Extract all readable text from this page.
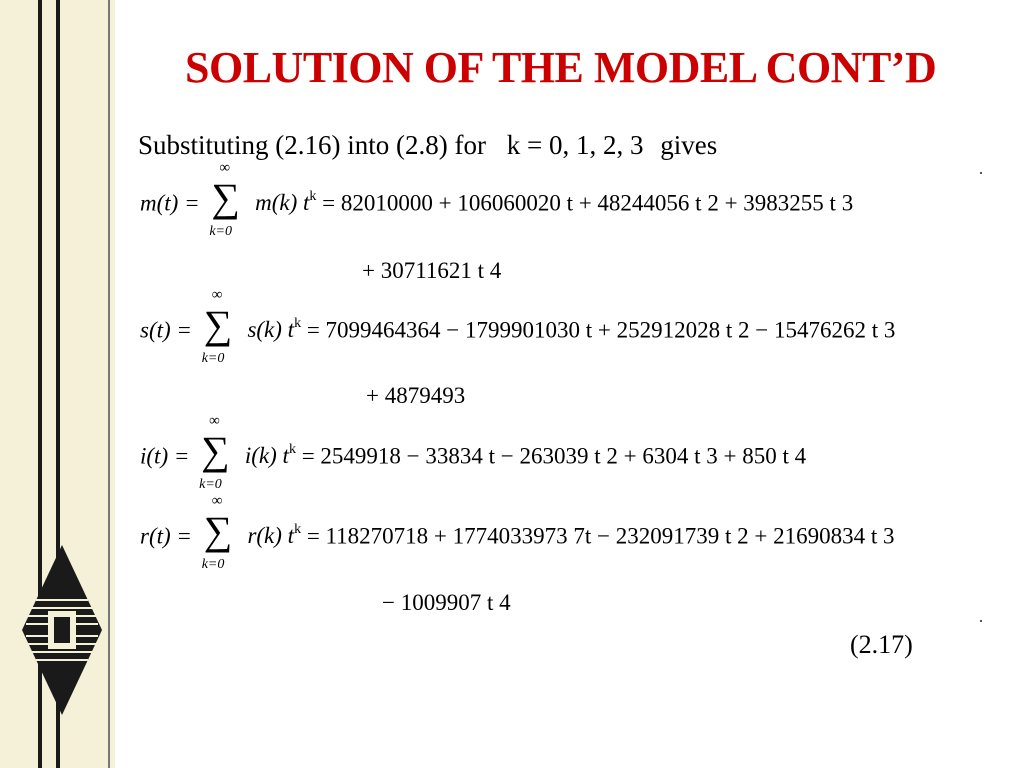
SOLUTION OF THE MODEL CONT’D
Substituting (2.16) into (2.8) for k = 0, 1, 2, 3 gives
m(t) =
∞
∑
k=0
m(k) $t^k = 82010000 + 106060020$ t + 48244056 t 2 + 3983255 t 3
+ 30711621 t 4
s(t) =
∞
∑
k=0
s(k) $t^k = 7099464364 - 1799901030$ t + 252912028 t 2 − 15476262 t 3
+ 4879493
i(t) =
∞
∑
k=0
i(k) $t^k = 2549918 - 33834$ t − 263039 t 2 + 6304 t 3 + 850 t 4
r(t) =
∞
∑
k=0
r(k) $t^k = 118270718 + 1774033973$ 7t − 232091739 t 2 + 21690834 t 3
− 1009907 t 4
(2.17)
